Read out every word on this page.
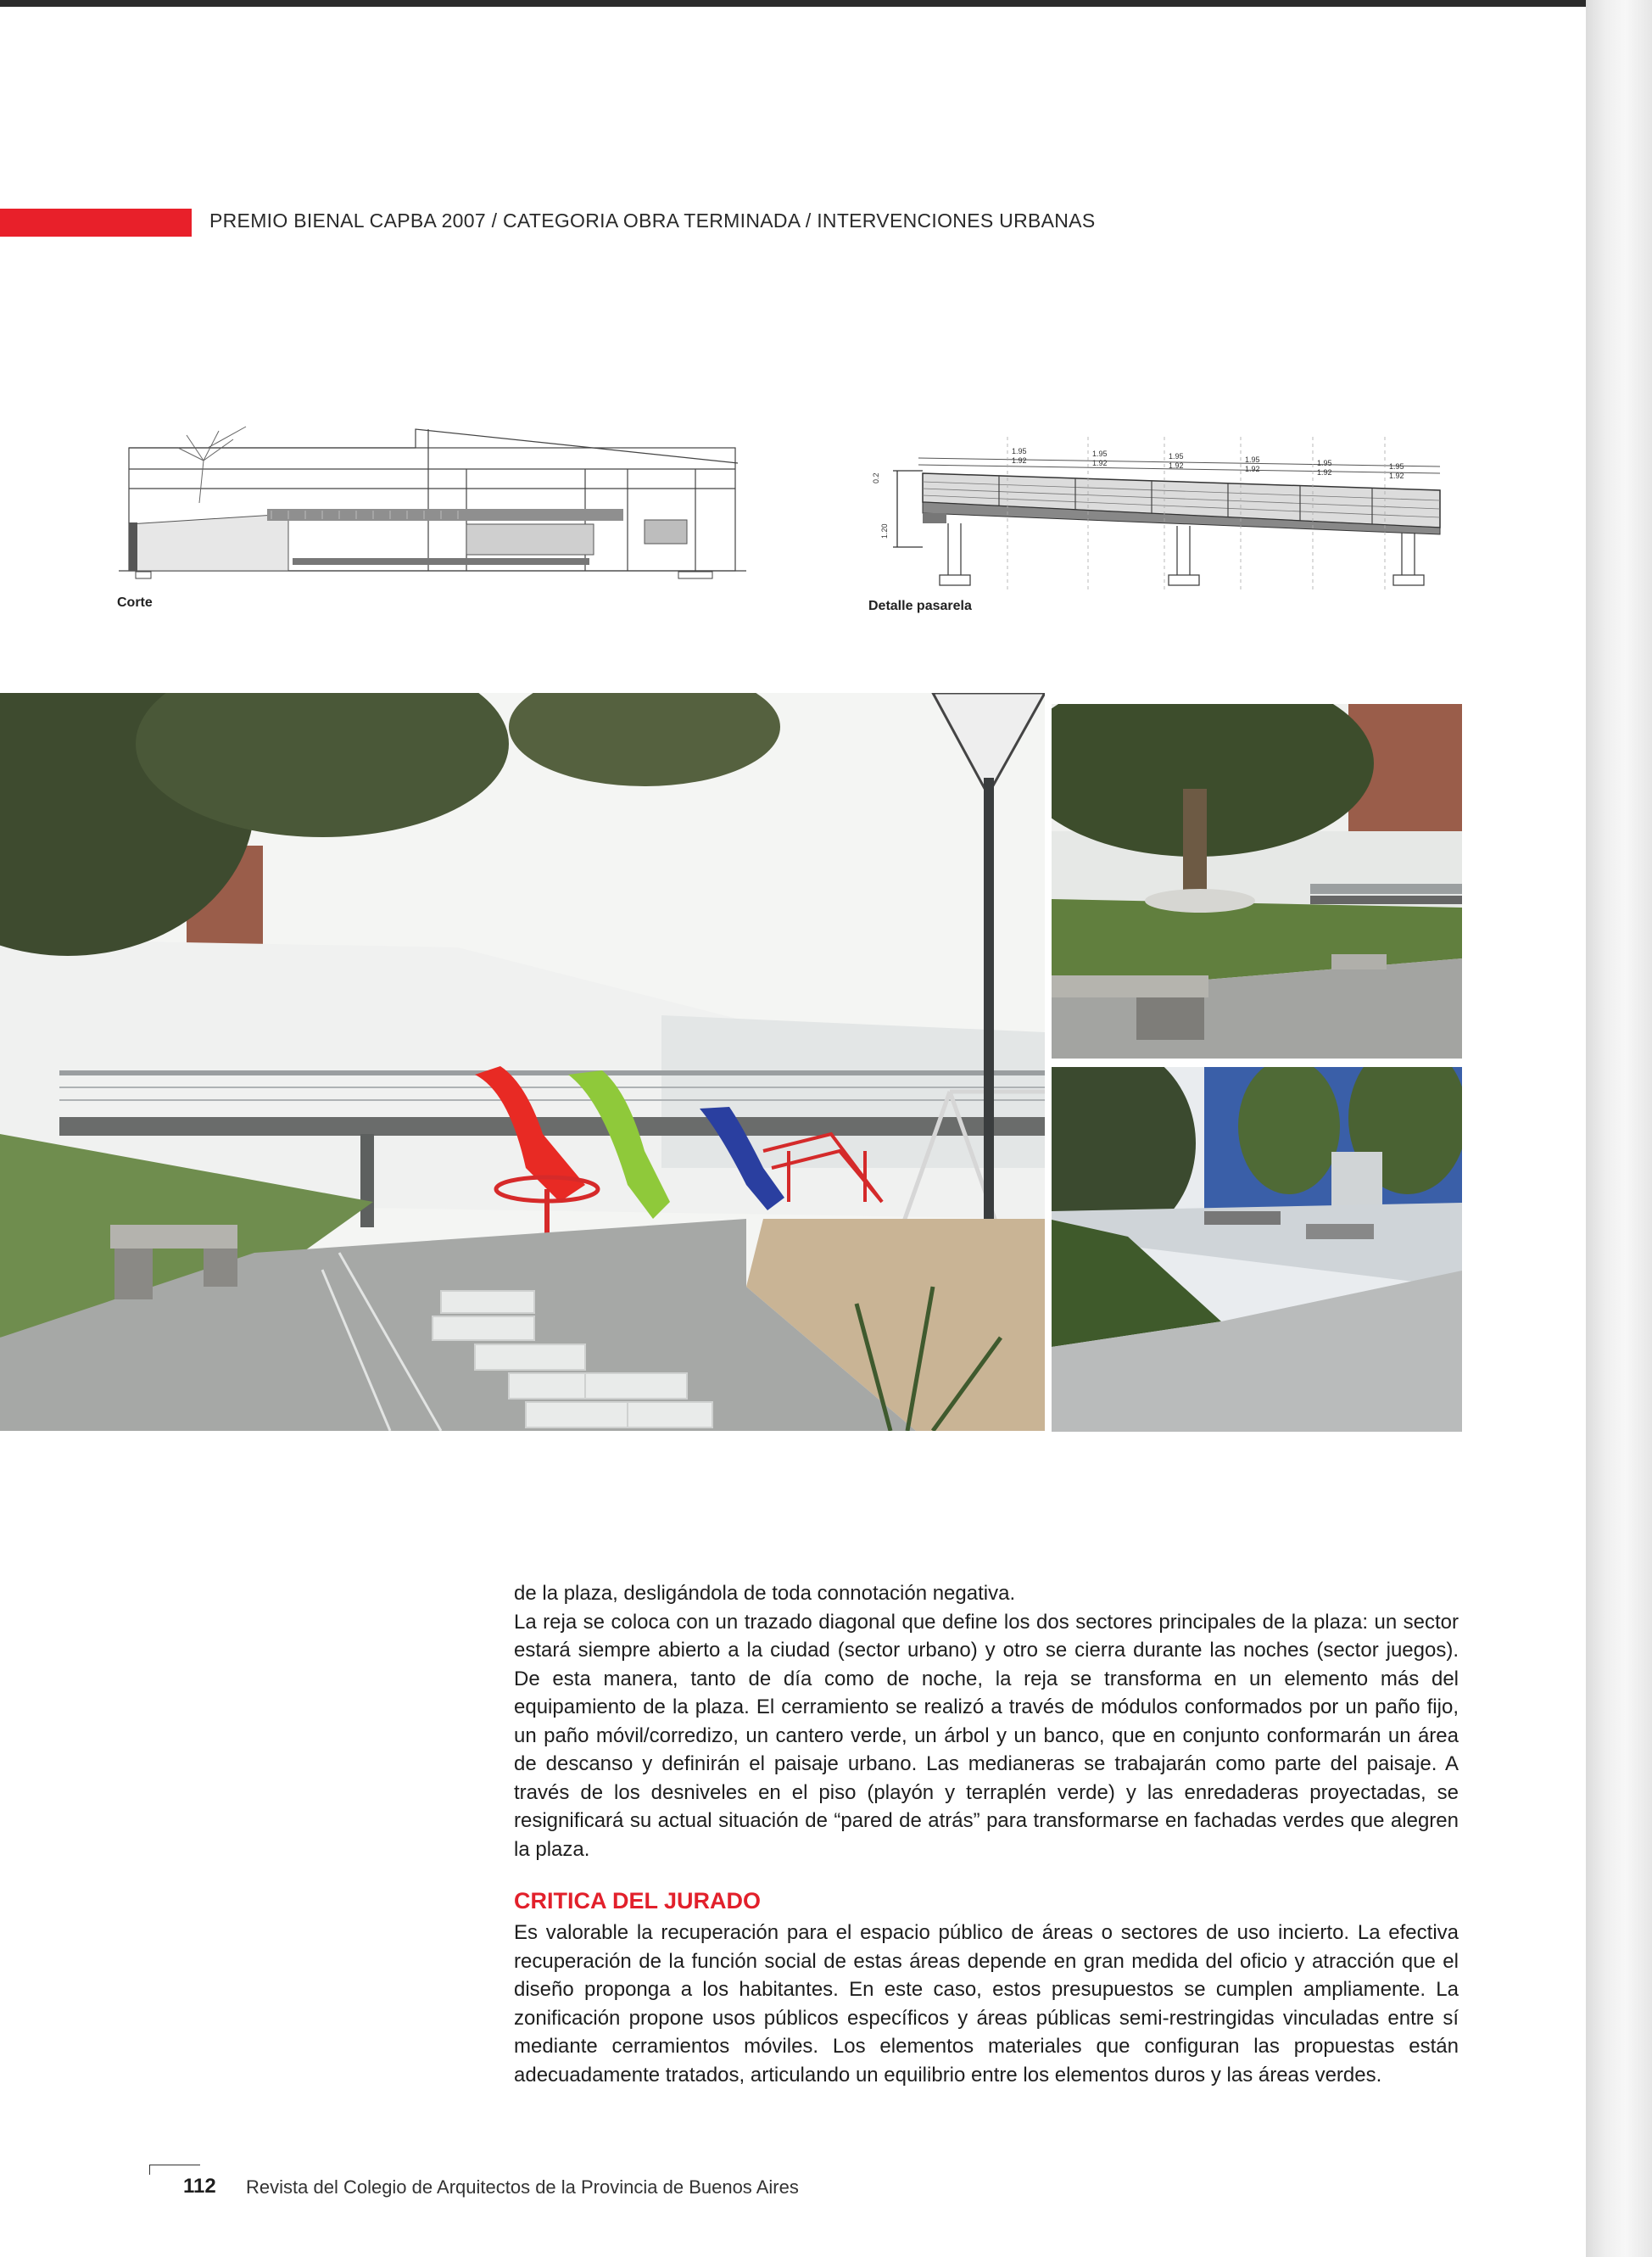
PREMIO BIENAL CAPBA 2007 / CATEGORIA OBRA TERMINADA / INTERVENCIONES URBANAS
Corte
1.95
1.92
1.95
1.92
1.95
1.92
1.95
1.92
1.95
1.92
1.95
1.92
0.2
1.20
Detalle pasarela

de la plaza, desligándola de toda connotación negativa.

La reja se coloca con un trazado diagonal que define los dos sectores principales de la plaza: un sector estará siempre abierto a la ciudad (sector urbano) y otro se cierra durante las noches (sector juegos). De esta manera, tanto de día como de noche, la reja se transforma en un elemento más del equipamiento de la plaza. El cerramiento se realizó a través de módulos conformados por un paño fijo, un paño móvil/corredizo, un cantero verde, un árbol y un banco, que en conjunto conformarán un área de descanso y definirán el paisaje urbano. Las medianeras se trabajarán como parte del paisaje. A través de los desniveles en el piso (playón y terraplén verde) y las enredaderas proyectadas, se resignificará su actual situación de “pared de atrás” para transformarse en fachadas verdes que alegren la plaza.

CRITICA DEL JURADO

Es valorable la recuperación para el espacio público de áreas o sectores de uso incierto. La efectiva recuperación de la función social de estas áreas depende en gran medida del oficio y atracción que el diseño proponga a los habitantes. En este caso, estos presupuestos se cumplen ampliamente. La zonificación propone usos públicos específicos y áreas públicas semi-restringidas vinculadas entre sí mediante cerramientos móviles. Los elementos materiales que configuran las propuestas están adecuadamente tratados, articulando un equilibrio entre los elementos duros y las áreas verdes.

112 Revista del Colegio de Arquitectos de la Provincia de Buenos Aires
